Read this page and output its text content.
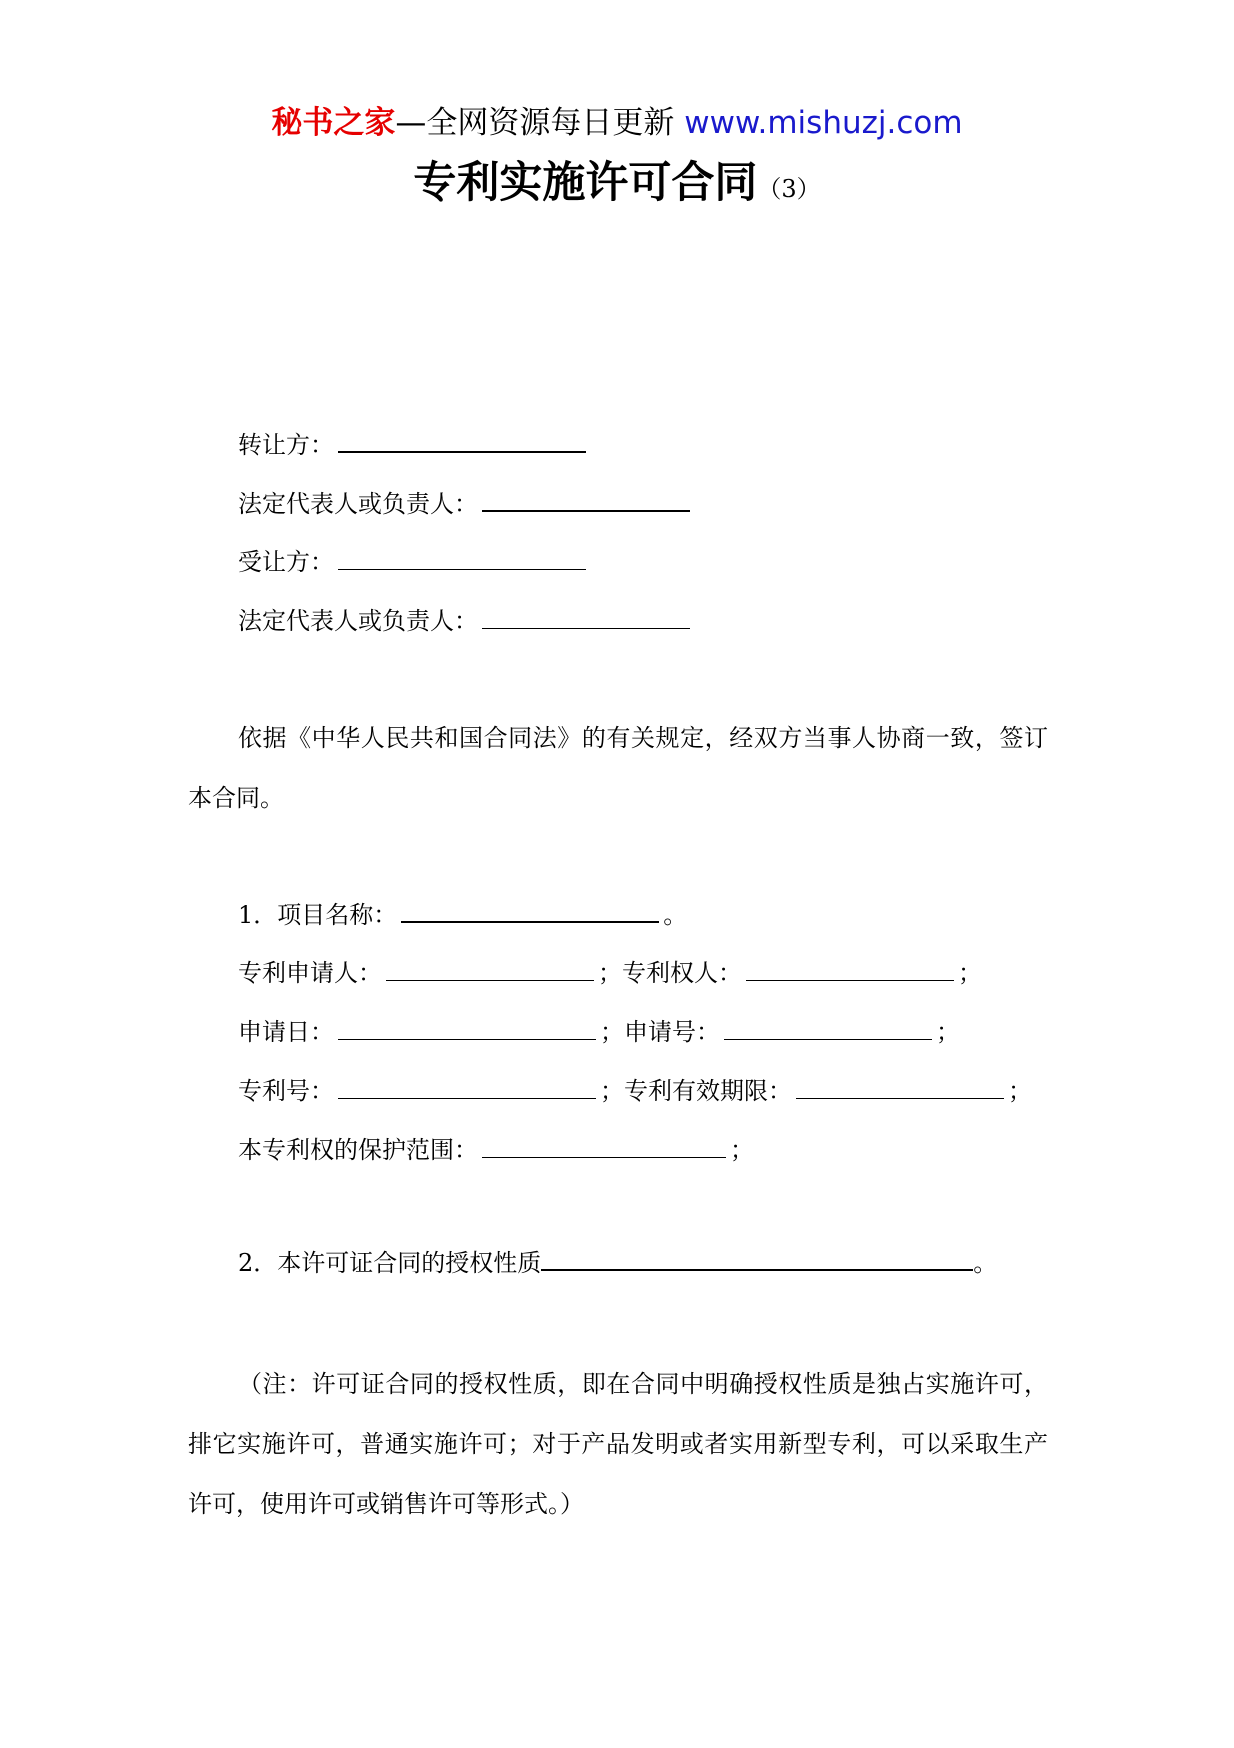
秘书之家—全网资源每日更新 www.mishuzj.com
专利实施许可合同（3）
转让方：
法定代表人或负责人：
受让方：
法定代表人或负责人：
依据《中华人民共和国合同法》的有关规定，经双方当事人协商一致，签订本合同。
1．项目名称：	。
专利申请人：	；专利权人：	；
申请日：	；申请号：	；
专利号：	；专利有效期限：	；
本专利权的保护范围：	；
2．本许可证合同的授权性质	。
（注：许可证合同的授权性质，即在合同中明确授权性质是独占实施许可，排它实施许可，普通实施许可；对于产品发明或者实用新型专利，可以采取生产许可，使用许可或销售许可等形式。）
